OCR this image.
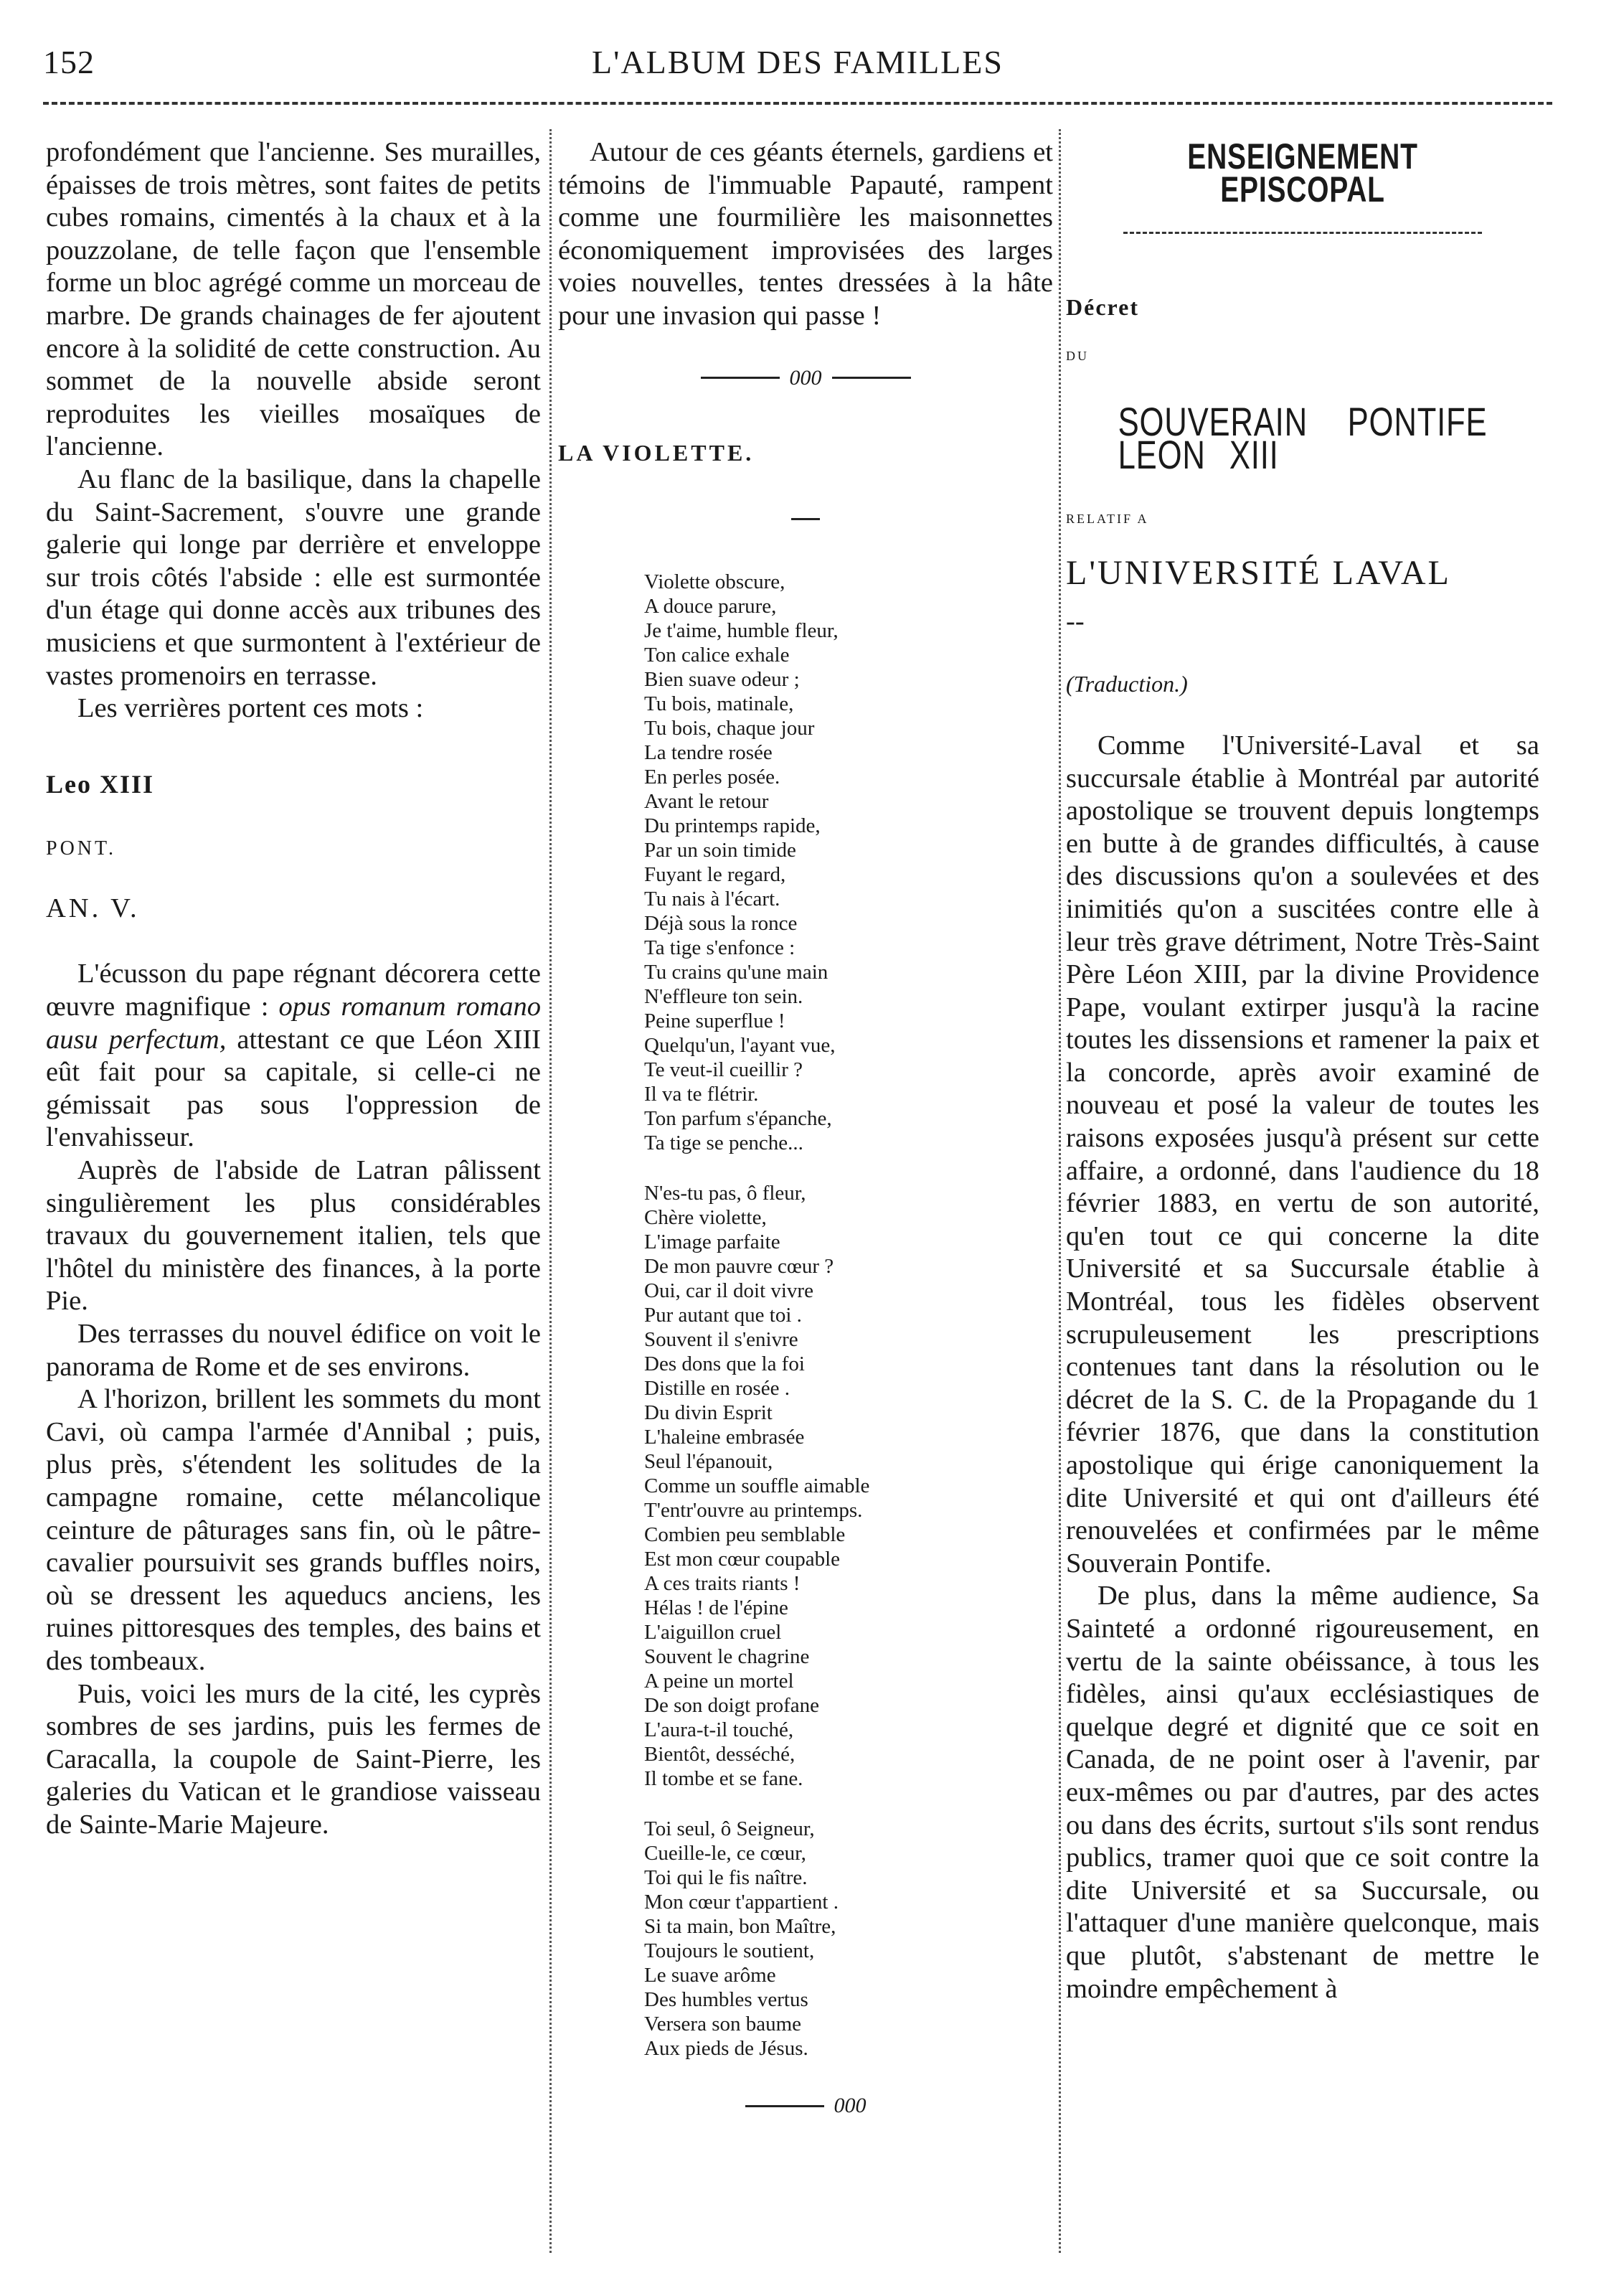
152	L'ALBUM DES FAMILLES

profondément que l'ancienne. Ses murailles, épaisses de trois mètres, sont faites de petits cubes romains, cimentés à la chaux et à la pouzzolane, de telle façon que l'ensemble forme un bloc agrégé comme un morceau de marbre. De grands chainages de fer ajoutent encore à la solidité de cette construction. Au sommet de la nouvelle abside seront reproduites les vieilles mosaïques de l'ancienne.

Au flanc de la basilique, dans la chapelle du Saint-Sacrement, s'ouvre une grande galerie qui longe par derrière et enveloppe sur trois côtés l'abside : elle est surmontée d'un étage qui donne accès aux tribunes des musiciens et que surmontent à l'extérieur de vastes promenoirs en terrasse.

Les verrières portent ces mots :

Leo XIII

PONT.

AN. V.

L'écusson du pape régnant décorera cette œuvre magnifique : opus romanum romano ausu perfectum, attestant ce que Léon XIII eût fait pour sa capitale, si celle-ci ne gémissait pas sous l'oppression de l'envahisseur.

Auprès de l'abside de Latran pâlissent singulièrement les plus considérables travaux du gouvernement italien, tels que l'hôtel du ministère des finances, à la porte Pie.

Des terrasses du nouvel édifice on voit le panorama de Rome et de ses environs.

A l'horizon, brillent les sommets du mont Cavi, où campa l'armée d'Annibal ; puis, plus près, s'étendent les solitudes de la campagne romaine, cette mélancolique ceinture de pâturages sans fin, où le pâtre-cavalier poursuivit ses grands buffles noirs, où se dressent les aqueducs anciens, les ruines pittoresques des temples, des bains et des tombeaux.

Puis, voici les murs de la cité, les cyprès sombres de ses jardins, puis les fermes de Caracalla, la coupole de Saint-Pierre, les galeries du Vatican et le grandiose vaisseau de Sainte-Marie Majeure.

Autour de ces géants éternels, gardiens et témoins de l'immuable Papauté, rampent comme une fourmilière les maisonnettes économiquement improvisées des larges voies nouvelles, tentes dressées à la hâte pour une invasion qui passe !

000

LA VIOLETTE.

Violette obscure,
A douce parure,
Je t'aime, humble fleur,
Ton calice exhale
Bien suave odeur ;
Tu bois, matinale,
Tu bois, chaque jour
La tendre rosée
En perles posée.
Avant le retour
Du printemps rapide,
Par un soin timide
Fuyant le regard,
Tu nais à l'écart.
Déjà sous la ronce
Ta tige s'enfonce :
Tu crains qu'une main
N'effleure ton sein.
Peine superflue !
Quelqu'un, l'ayant vue,
Te veut-il cueillir ?
Il va te flétrir.
Ton parfum s'épanche,
Ta tige se penche...
N'es-tu pas, ô fleur,
Chère violette,
L'image parfaite
De mon pauvre cœur ?
Oui, car il doit vivre
Pur autant que toi .
Souvent il s'enivre
Des dons que la foi
Distille en rosée .
Du divin Esprit
L'haleine embrasée
Seul l'épanouit,
Comme un souffle aimable
T'entr'ouvre au printemps.
Combien peu semblable
Est mon cœur coupable
A ces traits riants !
Hélas ! de l'épine
L'aiguillon cruel
Souvent le chagrine
A peine un mortel
De son doigt profane
L'aura-t-il touché,
Bientôt, desséché,
Il tombe et se fane.
Toi seul, ô Seigneur,
Cueille-le, ce cœur,
Toi qui le fis naître.
Mon cœur t'appartient .
Si ta main, bon Maître,
Toujours le soutient,
Le suave arôme
Des humbles vertus
Versera son baume
Aux pieds de Jésus.
000

ENSEIGNEMENT EPISCOPAL

Décret

DU

SOUVERAIN PONTIFE LEON XIII

RELATIF A

L'UNIVERSITÉ LAVAL

--

(Traduction.)

Comme l'Université-Laval et sa succursale établie à Montréal par autorité apostolique se trouvent depuis longtemps en butte à de grandes difficultés, à cause des discussions qu'on a soulevées et des inimitiés qu'on a suscitées contre elle à leur très grave détriment, Notre Très-Saint Père Léon XIII, par la divine Providence Pape, voulant extirper jusqu'à la racine toutes les dissensions et ramener la paix et la concorde, après avoir examiné de nouveau et posé la valeur de toutes les raisons exposées jusqu'à présent sur cette affaire, a ordonné, dans l'audience du 18 février 1883, en vertu de son autorité, qu'en tout ce qui concerne la dite Université et sa Succursale établie à Montréal, tous les fidèles observent scrupuleusement les prescriptions contenues tant dans la résolution ou le décret de la S. C. de la Propagande du 1 février 1876, que dans la constitution apostolique qui érige canoniquement la dite Université et qui ont d'ailleurs été renouvelées et confirmées par le même Souverain Pontife.

De plus, dans la même audience, Sa Sainteté a ordonné rigoureusement, en vertu de la sainte obéissance, à tous les fidèles, ainsi qu'aux ecclésiastiques de quelque degré et dignité que ce soit en Canada, de ne point oser à l'avenir, par eux-mêmes ou par d'autres, par des actes ou dans des écrits, surtout s'ils sont rendus publics, tramer quoi que ce soit contre la dite Université et sa Succursale, ou l'attaquer d'une manière quelconque, mais que plutôt, s'abstenant de mettre le moindre empêchement à
